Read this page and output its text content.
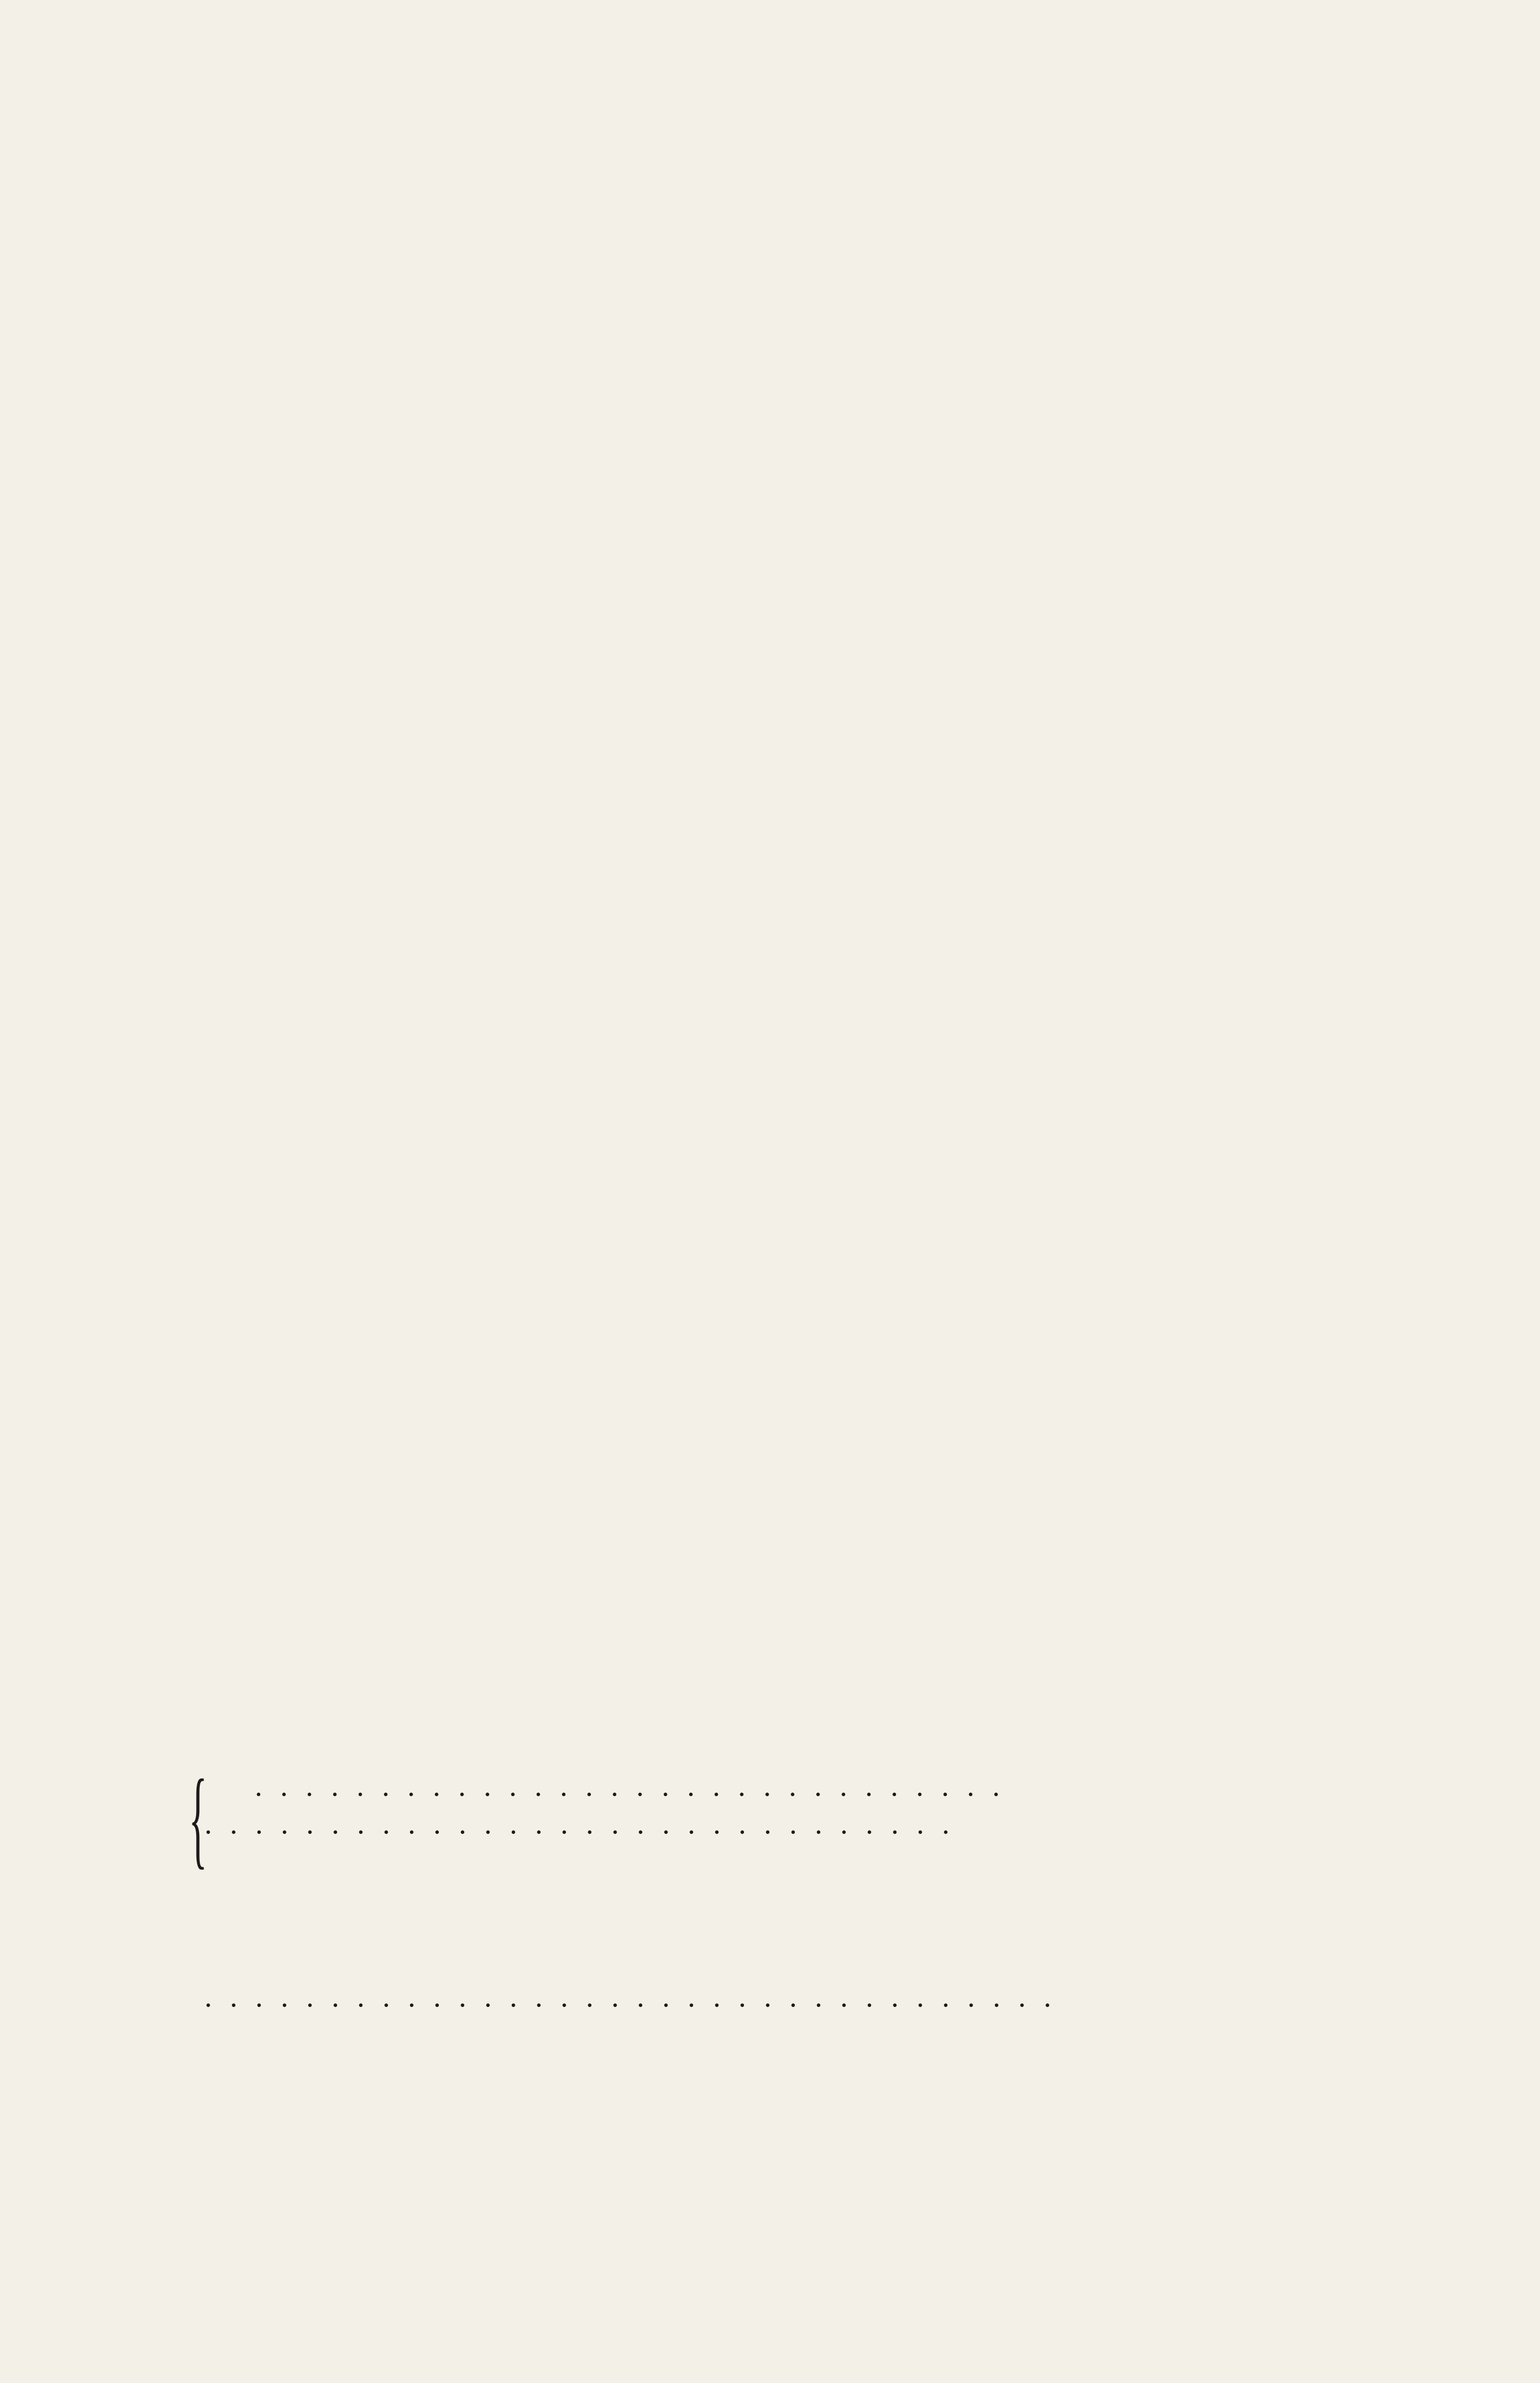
{	. . . . . . . . . . . . . . . . . . . . . . . . . . . . . .
. . . . . . . . . . . . . . . . . . . . . . . . . . . . . .
. . . . . . . . . . . . . . . . . . . . . . . . . . . . . . . . . .
